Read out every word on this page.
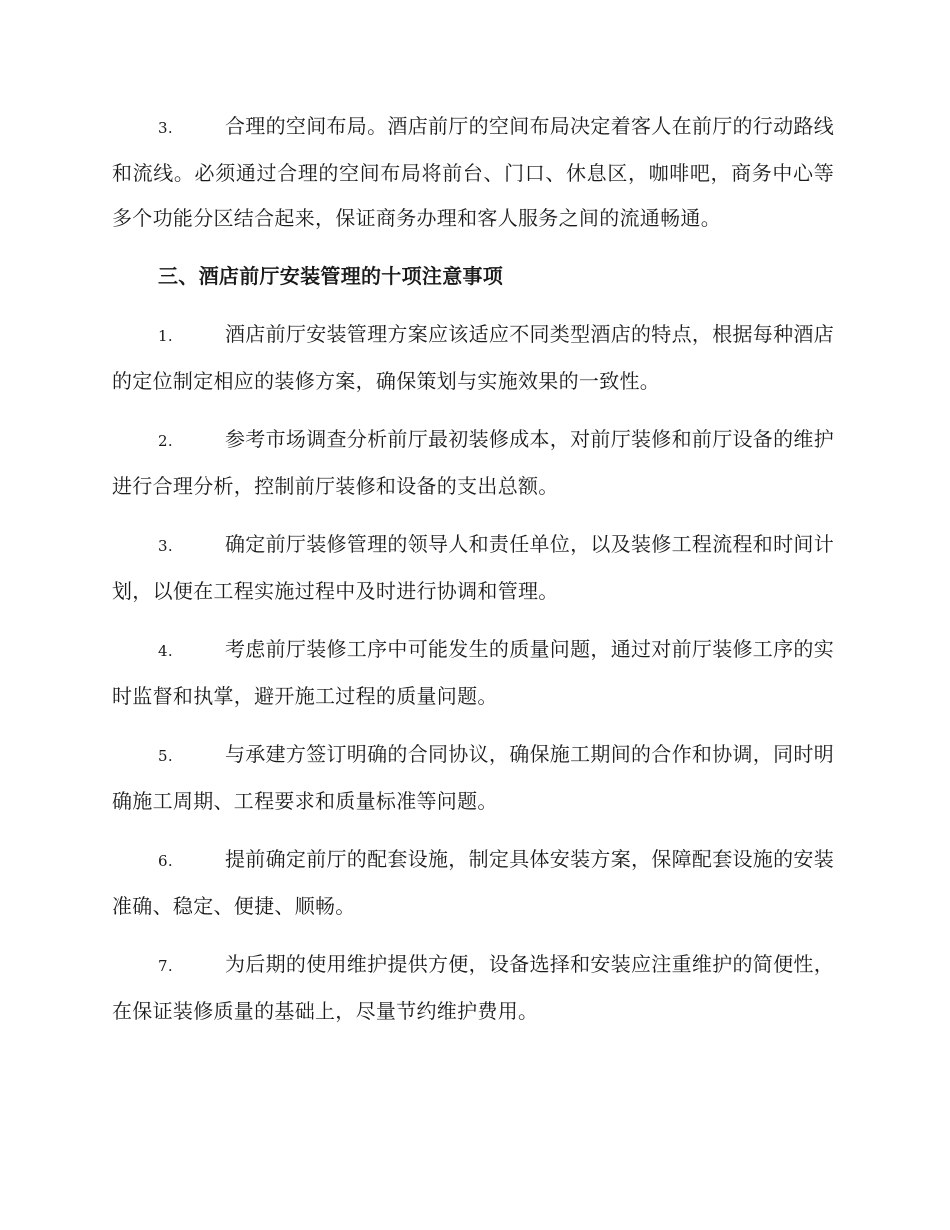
3.	合理的空间布局。酒店前厅的空间布局决定着客人在前厅的行动路线和流线。必须通过合理的空间布局将前台、门口、休息区，咖啡吧，商务中心等多个功能分区结合起来，保证商务办理和客人服务之间的流通畅通。

三、酒店前厅安装管理的十项注意事项

1.	酒店前厅安装管理方案应该适应不同类型酒店的特点，根据每种酒店的定位制定相应的装修方案，确保策划与实施效果的一致性。

2.	参考市场调查分析前厅最初装修成本，对前厅装修和前厅设备的维护进行合理分析，控制前厅装修和设备的支出总额。

3.	确定前厅装修管理的领导人和责任单位，以及装修工程流程和时间计划，以便在工程实施过程中及时进行协调和管理。

4.	考虑前厅装修工序中可能发生的质量问题，通过对前厅装修工序的实时监督和执掌，避开施工过程的质量问题。

5.	与承建方签订明确的合同协议，确保施工期间的合作和协调，同时明确施工周期、工程要求和质量标准等问题。

6.	提前确定前厅的配套设施，制定具体安装方案，保障配套设施的安装准确、稳定、便捷、顺畅。

7.	为后期的使用维护提供方便，设备选择和安装应注重维护的简便性，在保证装修质量的基础上，尽量节约维护费用。
